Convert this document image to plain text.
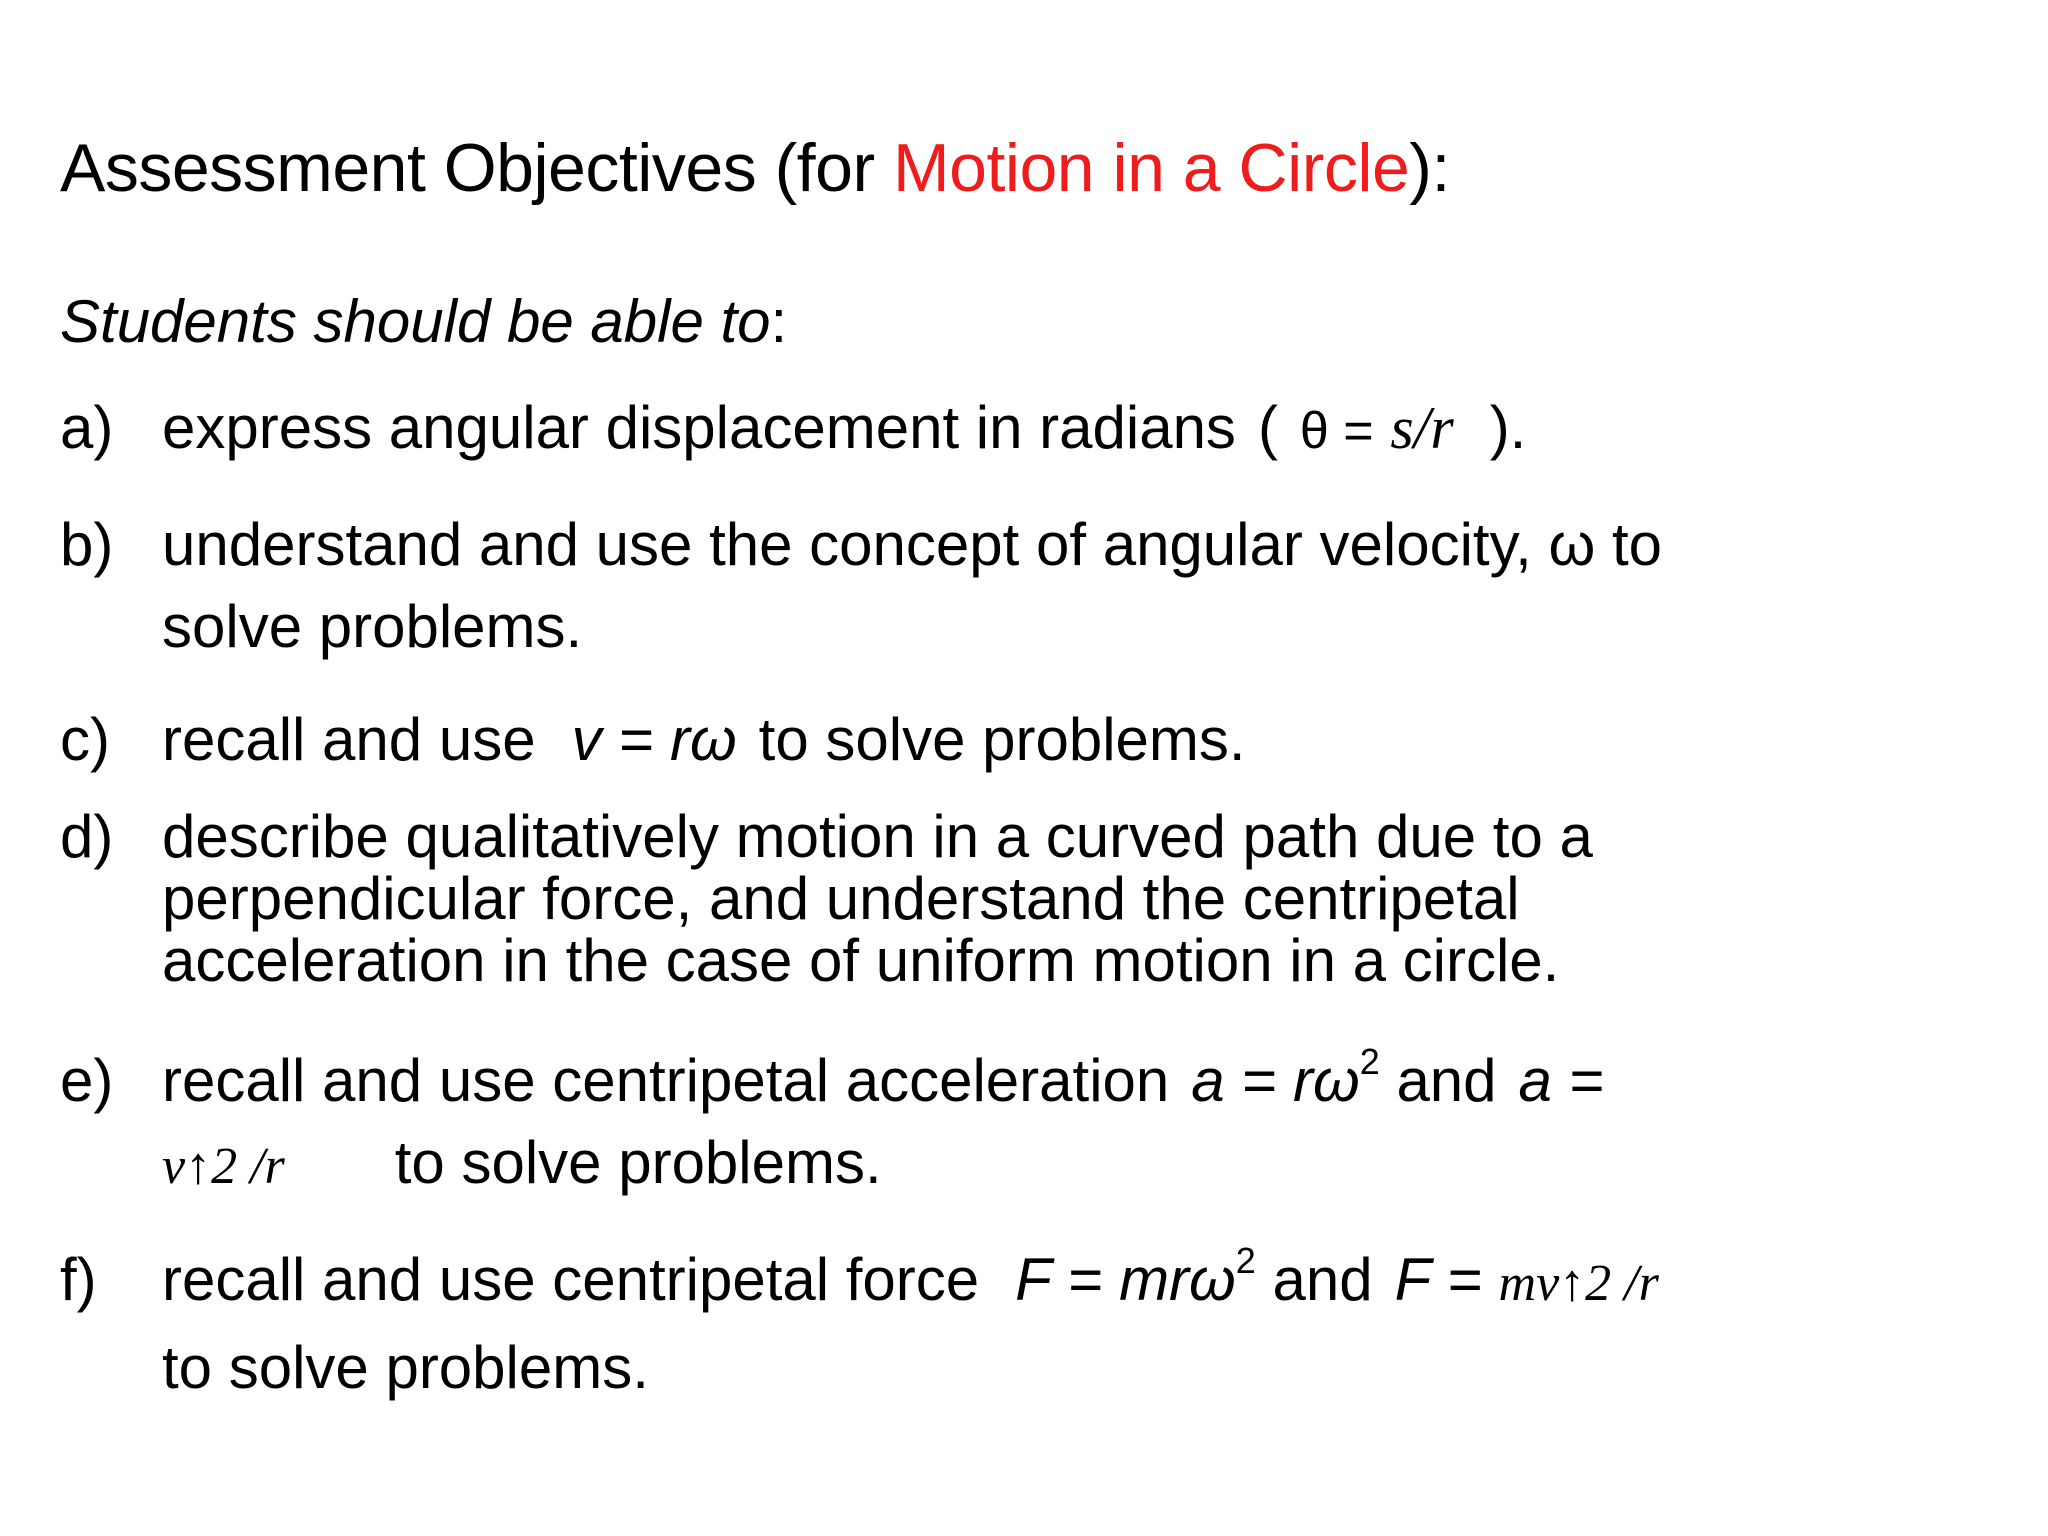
Assessment Objectives (for Motion in a Circle):
Students should be able to:
a) express angular displacement in radians ( θ = s/r ).
b) understand and use the concept of angular velocity, ω to
solve problems.
c) recall and use v = rω to solve problems.
d) describe qualitatively motion in a curved path due to a
perpendicular force, and understand the centripetal
acceleration in the case of uniform motion in a circle.
e) recall and use centripetal acceleration $a = r\omega^2$ and a =
v↑2 /r to solve problems.
f) recall and use centripetal force F = mrω$^2$ and F = mv↑2 /r
to solve problems.
